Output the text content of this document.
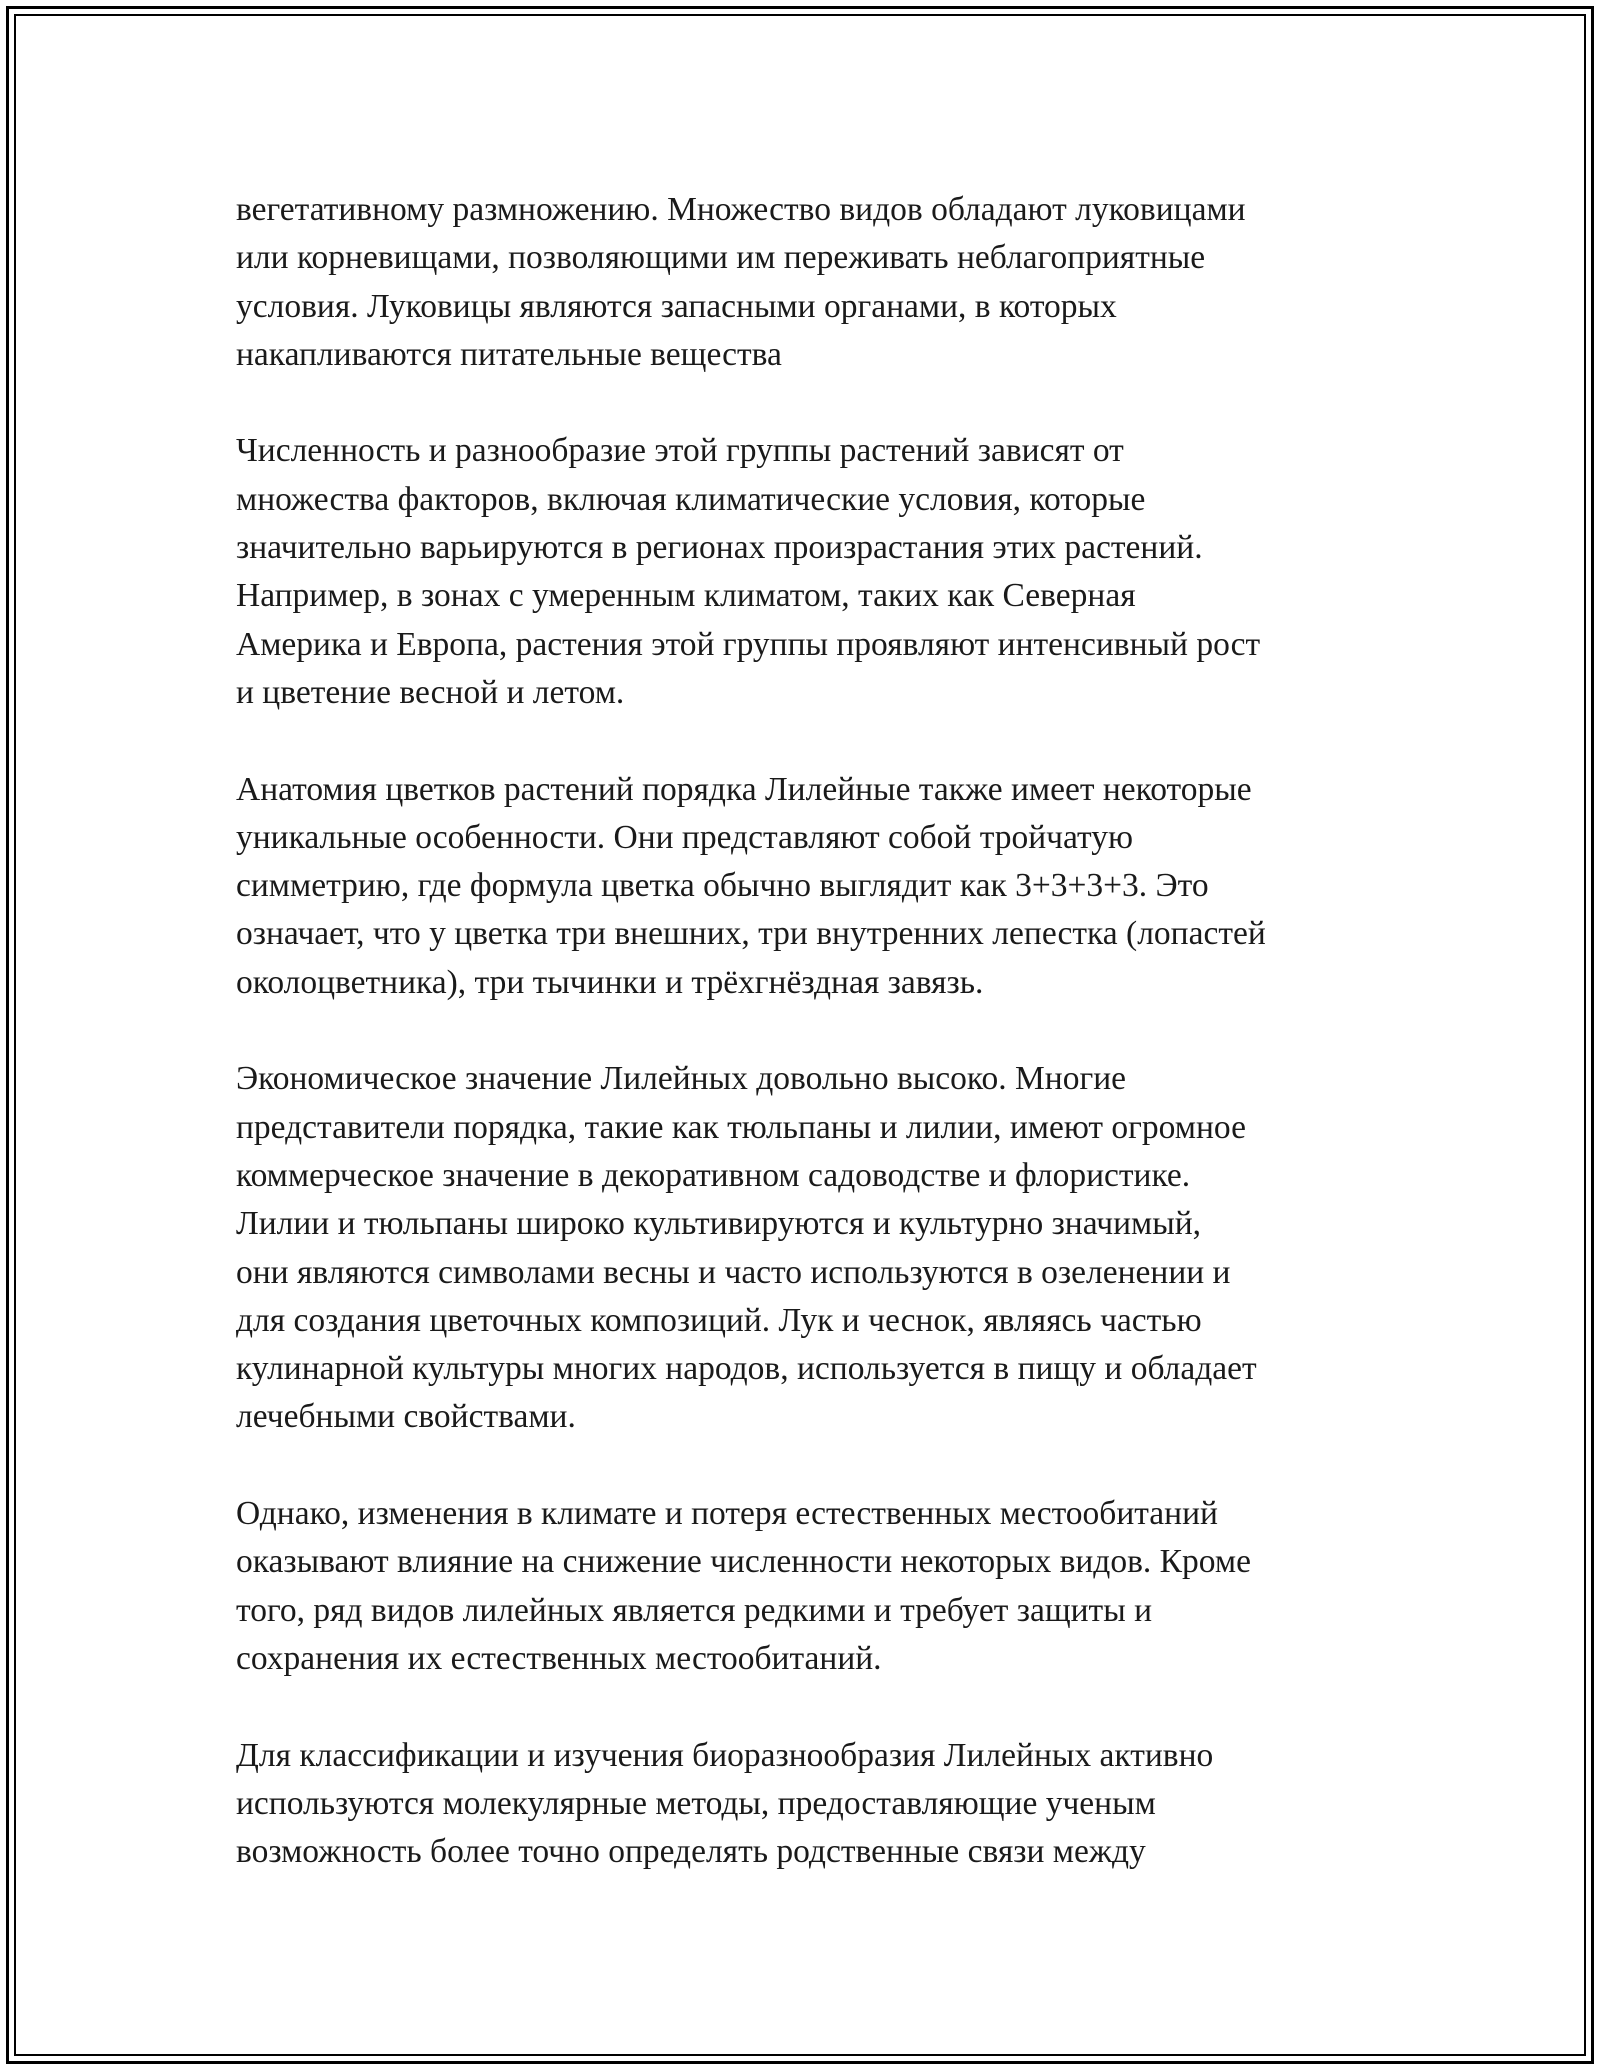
вегетативному размножению. Множество видов обладают луковицами
или корневищами, позволяющими им переживать неблагоприятные
условия. Луковицы являются запасными органами, в которых
накапливаются питательные вещества

Численность и разнообразие этой группы растений зависят от
множества факторов, включая климатические условия, которые
значительно варьируются в регионах произрастания этих растений.
Например, в зонах с умеренным климатом, таких как Северная
Америка и Европа, растения этой группы проявляют интенсивный рост
и цветение весной и летом.

Анатомия цветков растений порядка Лилейные также имеет некоторые
уникальные особенности. Они представляют собой тройчатую
симметрию, где формула цветка обычно выглядит как 3+3+3+3. Это
означает, что у цветка три внешних, три внутренних лепестка (лопастей
околоцветника), три тычинки и трёхгнёздная завязь.

Экономическое значение Лилейных довольно высоко. Многие
представители порядка, такие как тюльпаны и лилии, имеют огромное
коммерческое значение в декоративном садоводстве и флористике.
Лилии и тюльпаны широко культивируются и культурно значимый,
они являются символами весны и часто используются в озеленении и
для создания цветочных композиций. Лук и чеснок, являясь частью
кулинарной культуры многих народов, используется в пищу и обладает
лечебными свойствами.

Однако, изменения в климате и потеря естественных местообитаний
оказывают влияние на снижение численности некоторых видов. Кроме
того, ряд видов лилейных является редкими и требует защиты и
сохранения их естественных местообитаний.

Для классификации и изучения биоразнообразия Лилейных активно
используются молекулярные методы, предоставляющие ученым
возможность более точно определять родственные связи между
